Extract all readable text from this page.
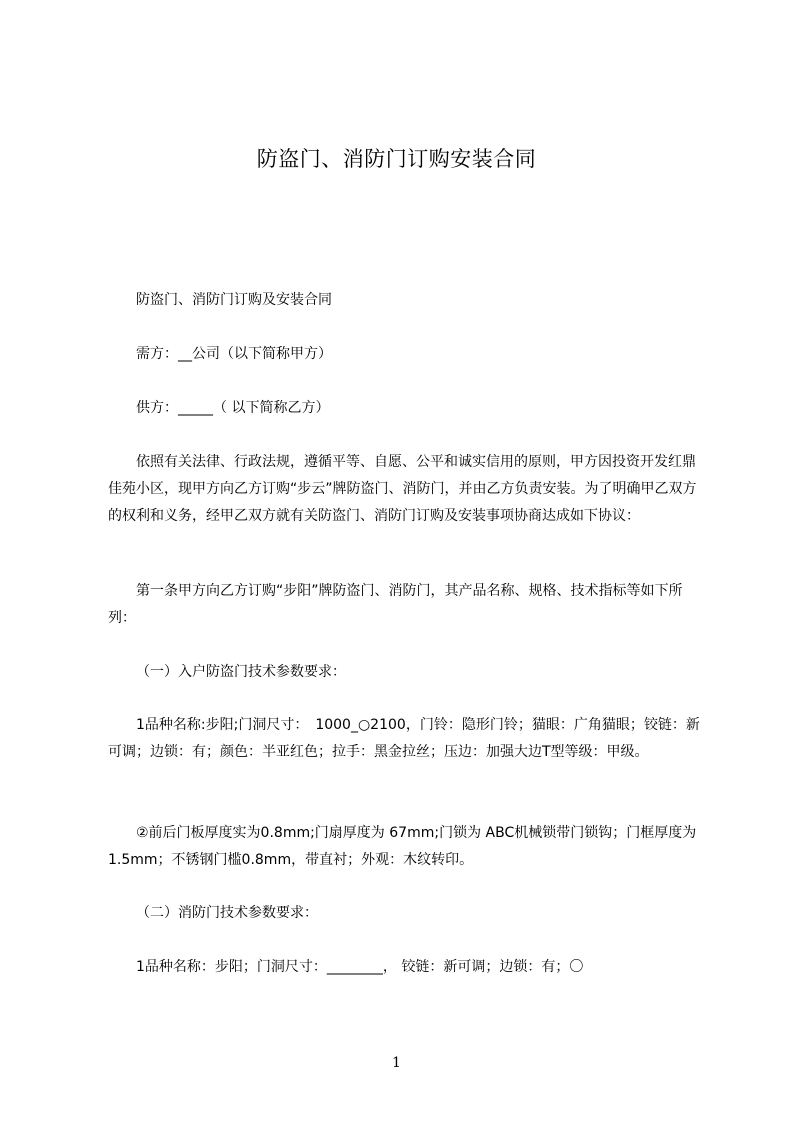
防盗门、消防门订购安装合同

防盗门、消防门订购及安装合同

需方：__公司（以下简称甲方）

供方：_____（ 以下简称乙方）

依照有关法律、行政法规，遵循平等、自愿、公平和诚实信用的原则，甲方因投资开发红鼎佳苑小区，现甲方向乙方订购“步云”牌防盗门、消防门，并由乙方负责安装。为了明确甲乙双方的权利和义务，经甲乙双方就有关防盗门、消防门订购及安装事项协商达成如下协议：

第一条甲方向乙方订购“步阳”牌防盗门、消防门，其产品名称、规格、技术指标等如下所列：

（一）入户防盗门技术参数要求：

1品种名称:步阳;门洞尺寸：　1000_○2100，门铃：隐形门铃；猫眼：广角猫眼；铰链：新可调；边锁：有；颜色：半亚红色；拉手：黑金拉丝；压边：加强大边T型等级：甲级。

②前后门板厚度实为0.8mm;门扇厚度为 67mm;门锁为 ABC机械锁带门锁钩；门框厚度为1.5mm；不锈钢门槛0.8mm，带直衬；外观：木纹转印。

（二）消防门技术参数要求：

1品种名称：步阳；门洞尺寸：________， 铰链：新可调；边锁：有；〇

1
